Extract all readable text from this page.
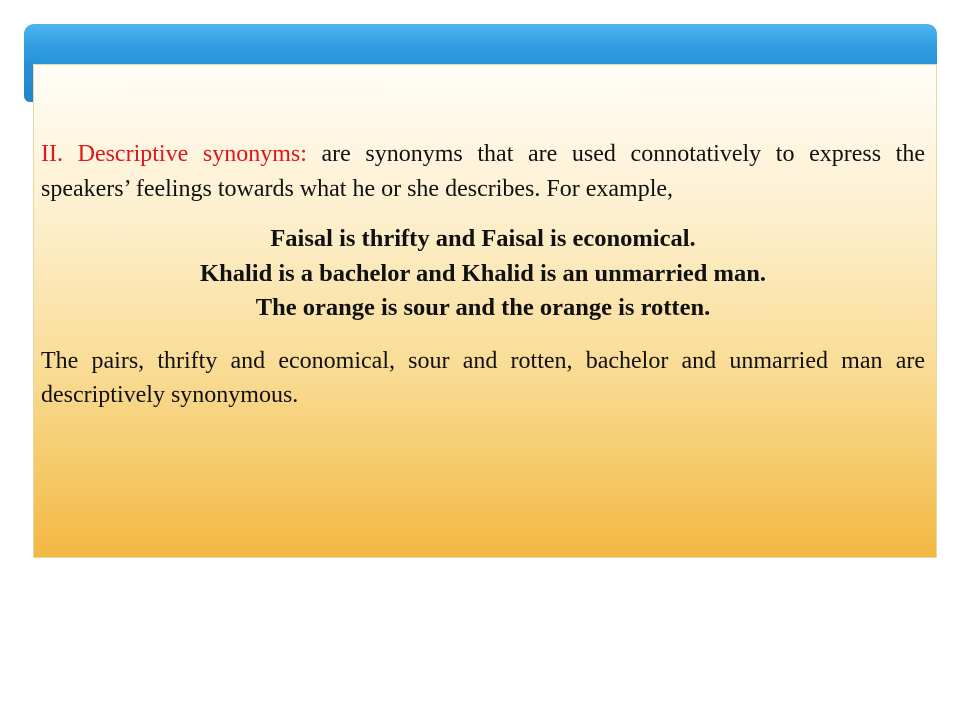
II. Descriptive synonyms: are synonyms that are used connotatively to express the speakers’ feelings towards what he or she describes. For example,

Faisal is thrifty and Faisal is economical.
Khalid is a bachelor and Khalid is an unmarried man.
The orange is sour and the orange is rotten.

The pairs, thrifty and economical, sour and rotten, bachelor and unmarried man are descriptively synonymous.
